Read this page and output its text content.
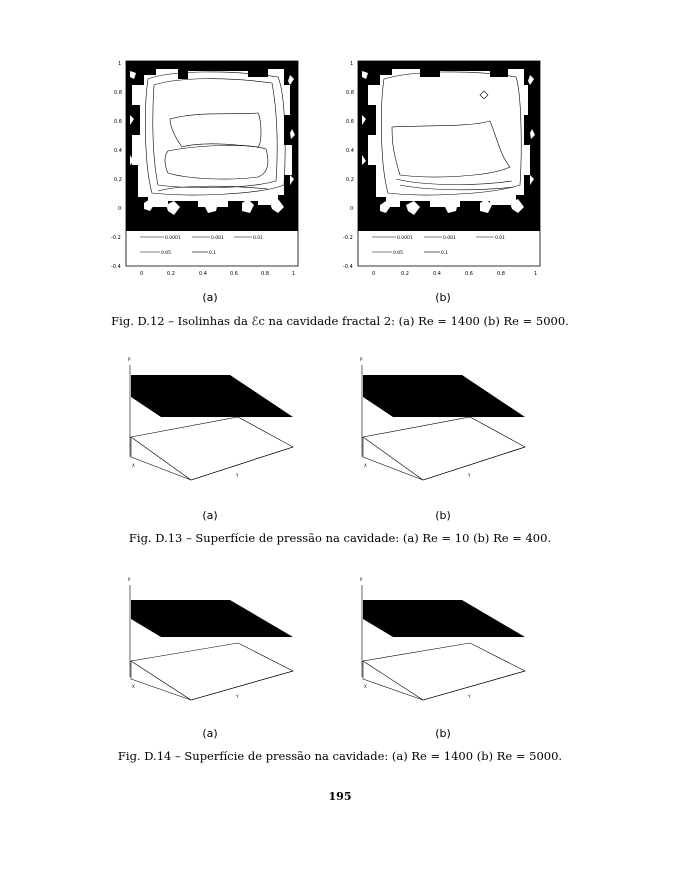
1
0.8
0.6
0.4
0.2
0
-0.2
-0.4
0	0.2	0.4	0.6	0.8	1
0.0001	0.001	0.01
0.05	0.1
1
0.8
0.6
0.4
0.2
0
-0.2
-0.4
0	0.2	0.4	0.6	0.8	1
0.0001	0.001	0.01
0.05	0.1
(a)	(b)
Fig. D.12 – Isolinhas da ℰc na cavidade fractal 2: (a) Re = 1400 (b) Re = 5000.
P
X
Y
P
X
Y
(a)	(b)
Fig. D.13 – Superfície de pressão na cavidade: (a) Re = 10 (b) Re = 400.
P
X
Y
P
X
Y
(a)	(b)
Fig. D.14 – Superfície de pressão na cavidade: (a) Re = 1400 (b) Re = 5000.
195
